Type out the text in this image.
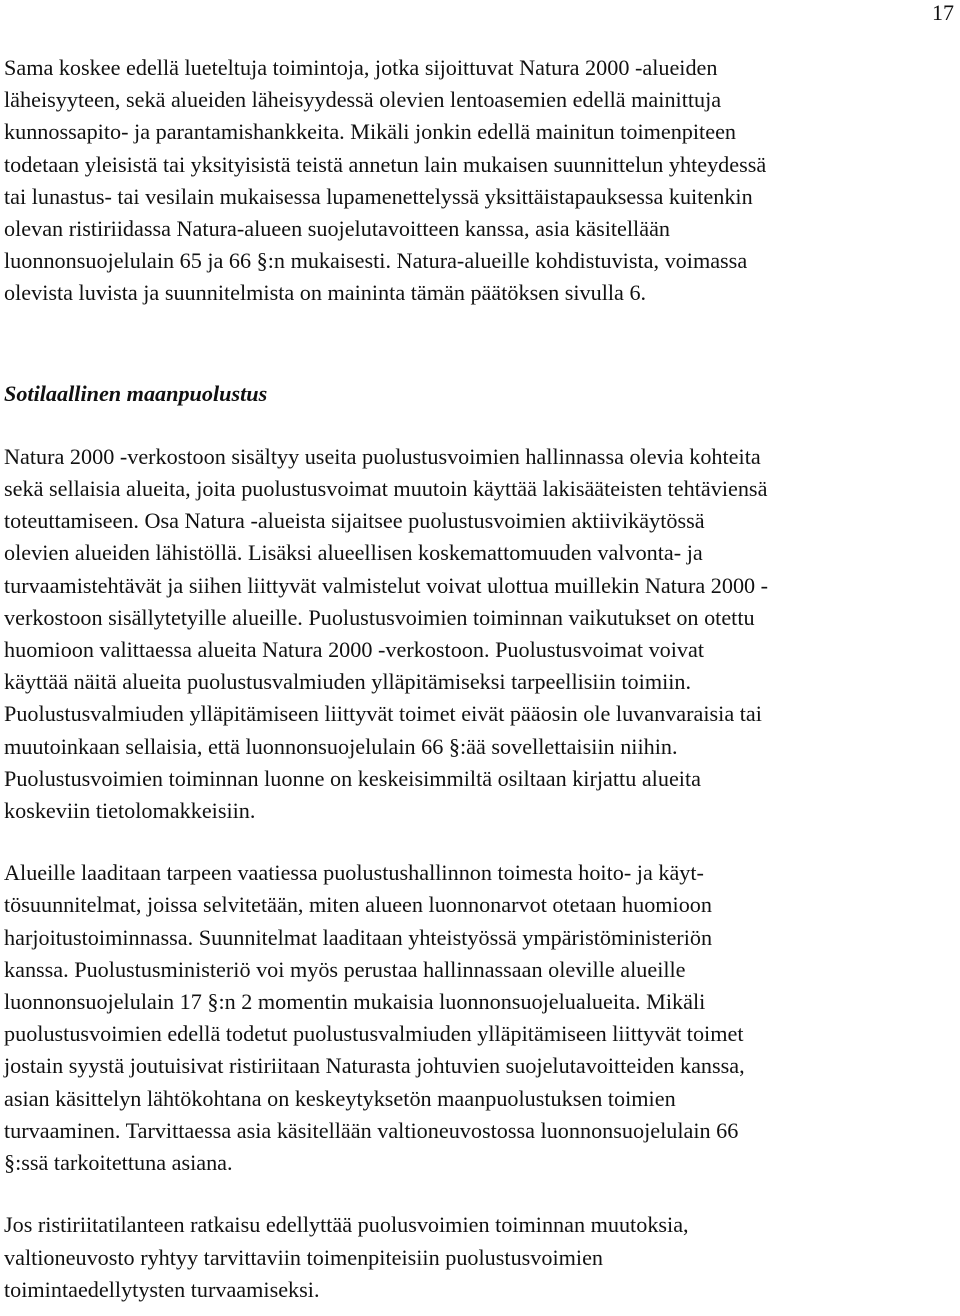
17

Sama koskee edellä lueteltuja toimintoja, jotka sijoittuvat Natura 2000 -alueiden
läheisyyteen, sekä alueiden läheisyydessä olevien lentoasemien edellä mainittuja
kunnossapito- ja parantamishankkeita. Mikäli jonkin edellä mainitun toimenpiteen
todetaan yleisistä tai yksityisistä teistä annetun lain mukaisen suunnittelun yhteydessä
tai lunastus- tai vesilain mukaisessa lupamenettelyssä yksittäistapauksessa kuitenkin
olevan ristiriidassa Natura-alueen suojelutavoitteen kanssa, asia käsitellään
luonnonsuojelulain 65 ja 66 §:n mukaisesti. Natura-alueille kohdistuvista, voimassa
olevista luvista ja suunnitelmista on maininta tämän päätöksen sivulla 6.

Sotilaallinen maanpuolustus

Natura 2000 -verkostoon sisältyy useita puolustusvoimien hallinnassa olevia kohteita
sekä sellaisia alueita, joita puolustusvoimat muutoin käyttää lakisääteisten tehtäviensä
toteuttamiseen. Osa Natura -alueista sijaitsee puolustusvoimien aktiivikäytössä
olevien alueiden lähistöllä. Lisäksi alueellisen koskemattomuuden valvonta- ja
turvaamistehtävät ja siihen liittyvät valmistelut voivat ulottua muillekin Natura 2000 -
verkostoon sisällytetyille alueille. Puolustusvoimien toiminnan vaikutukset on otettu
huomioon valittaessa alueita Natura 2000 -verkostoon. Puolustusvoimat voivat
käyttää näitä alueita puolustusvalmiuden ylläpitämiseksi tarpeellisiin toimiin.
Puolustusvalmiuden ylläpitämiseen liittyvät toimet eivät pääosin ole luvanvaraisia tai
muutoinkaan sellaisia, että luonnonsuojelulain 66 §:ää sovellettaisiin niihin.
Puolustusvoimien toiminnan luonne on keskeisimmiltä osiltaan kirjattu alueita
koskeviin tietolomakkeisiin.

Alueille laaditaan tarpeen vaatiessa puolustushallinnon toimesta hoito- ja käyt-
tösuunnitelmat, joissa selvitetään, miten alueen luonnonarvot otetaan huomioon
harjoitustoiminnassa. Suunnitelmat laaditaan yhteistyössä ympäristöministeriön
kanssa. Puolustusministeriö voi myös perustaa hallinnassaan oleville alueille
luonnonsuojelulain 17 §:n 2 momentin mukaisia luonnonsuojelualueita. Mikäli
puolustusvoimien edellä todetut puolustusvalmiuden ylläpitämiseen liittyvät toimet
jostain syystä joutuisivat ristiriitaan Naturasta johtuvien suojelutavoitteiden kanssa,
asian käsittelyn lähtökohtana on keskeytyksetön maanpuolustuksen toimien
turvaaminen. Tarvittaessa asia käsitellään valtioneuvostossa luonnonsuojelulain 66
§:ssä tarkoitettuna asiana.

Jos ristiriitatilanteen ratkaisu edellyttää puolusvoimien toiminnan muutoksia,
valtioneuvosto ryhtyy tarvittaviin toimenpiteisiin puolustusvoimien
toimintaedellytysten turvaamiseksi.
